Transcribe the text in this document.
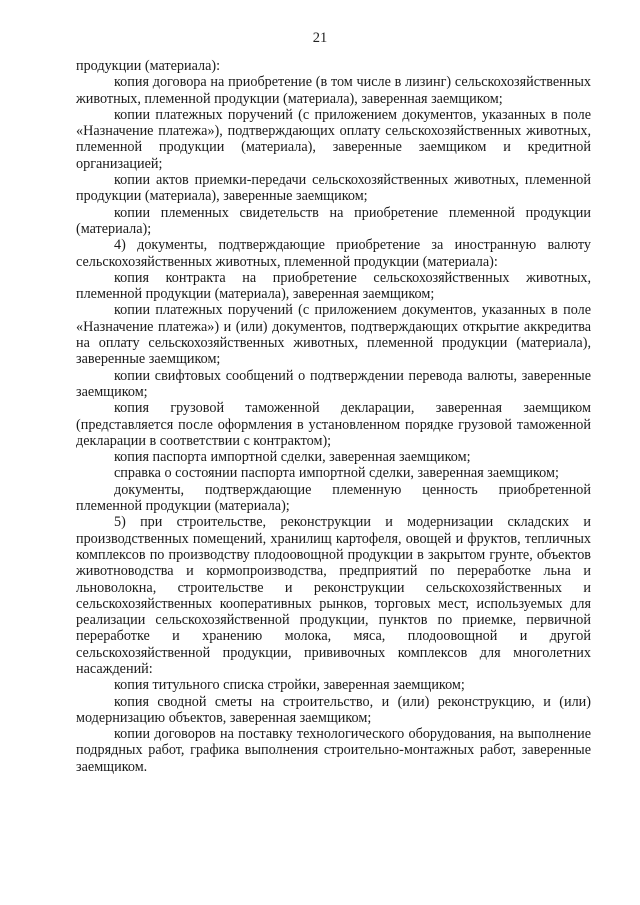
21

продукции (материала):

копия договора на приобретение (в том числе в лизинг) сельскохозяйственных животных, племенной продукции (материала), заверенная заемщиком;

копии платежных поручений (с приложением документов, указанных в поле «Назначение платежа»), подтверждающих оплату сельскохозяйственных животных, племенной продукции (материала), заверенные заемщиком и кредитной организацией;

копии актов приемки-передачи сельскохозяйственных животных, племенной продукции (материала), заверенные заемщиком;

копии племенных свидетельств на приобретение племенной продукции (материала);

4) документы, подтверждающие приобретение за иностранную валюту сельскохозяйственных животных, племенной продукции (материала):

копия контракта на приобретение сельскохозяйственных животных, племенной продукции (материала), заверенная заемщиком;

копии платежных поручений (с приложением документов, указанных в поле «Назначение платежа») и (или) документов, подтверждающих открытие аккредитва на оплату сельскохозяйственных животных, племенной продукции (материала), заверенные заемщиком;

копии свифтовых сообщений о подтверждении перевода валюты, заверенные заемщиком;

копия грузовой таможенной декларации, заверенная заемщиком (представляется после оформления в установленном порядке грузовой таможенной декларации в соответствии с контрактом);

копия паспорта импортной сделки, заверенная заемщиком;

справка о состоянии паспорта импортной сделки, заверенная заемщиком;

документы, подтверждающие племенную ценность приобретенной племенной продукции (материала);

5) при строительстве, реконструкции и модернизации складских и производственных помещений, хранилищ картофеля, овощей и фруктов, тепличных комплексов по производству плодоовощной продукции в закрытом грунте, объектов животноводства и кормопроизводства, предприятий по переработке льна и льноволокна, строительстве и реконструкции сельскохозяйственных и сельскохозяйственных кооперативных рынков, торговых мест, используемых для реализации сельскохозяйственной продукции, пунктов по приемке, первичной переработке и хранению молока, мяса, плодоовощной и другой сельскохозяйственной продукции, прививочных комплексов для многолетних насаждений:

копия титульного списка стройки, заверенная заемщиком;

копия сводной сметы на строительство, и (или) реконструкцию, и (или) модернизацию объектов, заверенная заемщиком;

копии договоров на поставку технологического оборудования, на выполнение подрядных работ, графика выполнения строительно-монтажных работ, заверенные заемщиком.
